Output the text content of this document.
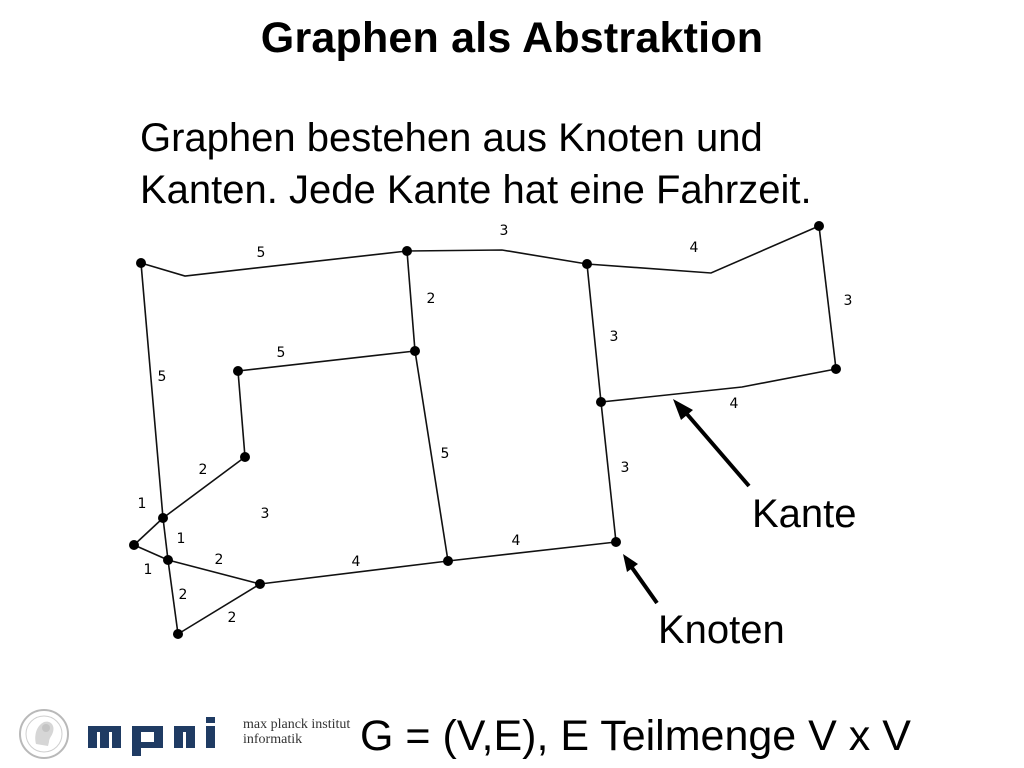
Graphen als Abstraktion
Graphen bestehen aus Knoten und
Kanten. Jede Kante hat eine Fahrzeit.
5
3
4
3
2
5
3
4
3
5
2
3
1
1
1
2
2
2
4
5
4
Kante
Knoten
max planck institut
informatik	G = (V,E), E Teilmenge V x V
